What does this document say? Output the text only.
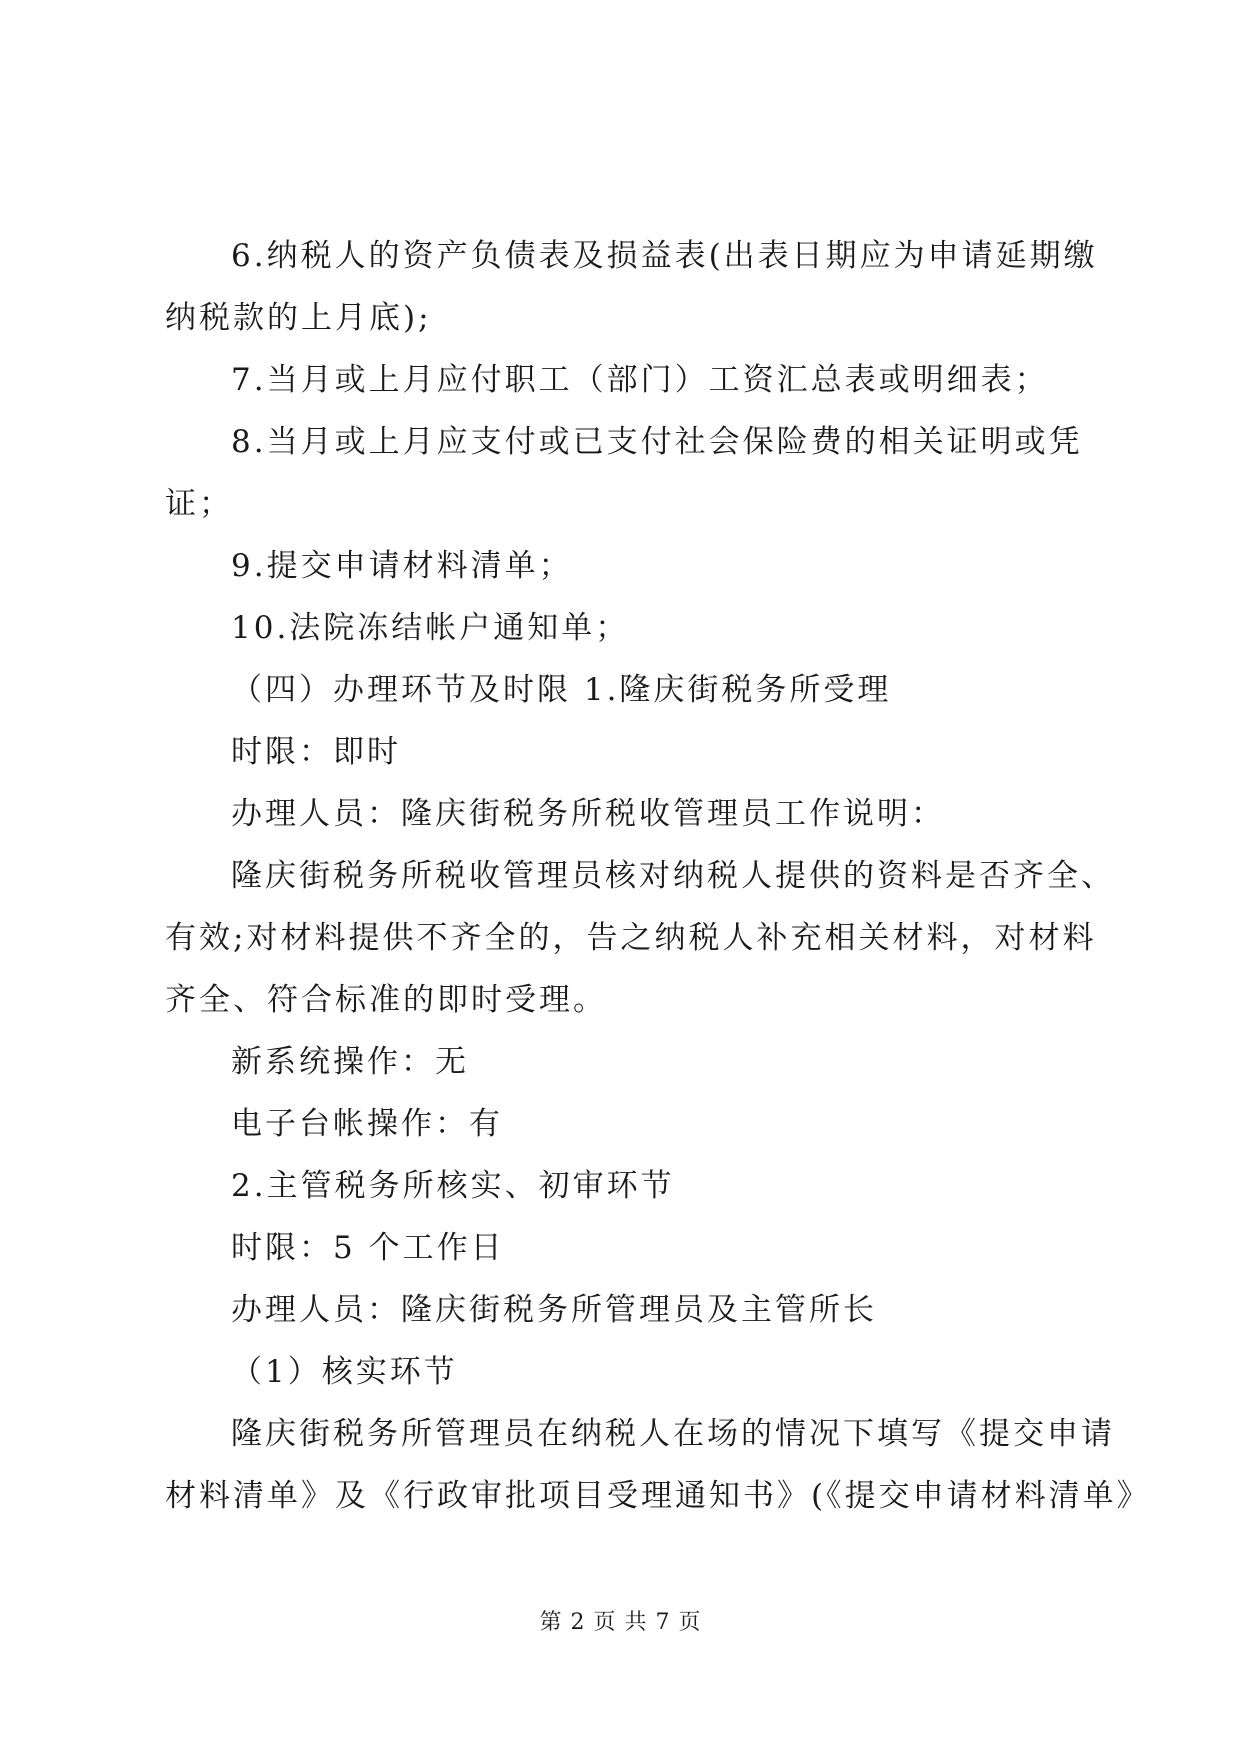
6.纳税人的资产负债表及损益表(出表日期应为申请延期缴
纳税款的上月底);
7.当月或上月应付职工（部门）工资汇总表或明细表；
8.当月或上月应支付或已支付社会保险费的相关证明或凭
证；
9.提交申请材料清单；
10.法院冻结帐户通知单；
（四）办理环节及时限 1.隆庆街税务所受理
时限：即时
办理人员：隆庆街税务所税收管理员工作说明：
隆庆街税务所税收管理员核对纳税人提供的资料是否齐全、
有效;对材料提供不齐全的，告之纳税人补充相关材料，对材料
齐全、符合标准的即时受理。
新系统操作：无
电子台帐操作：有
2.主管税务所核实、初审环节
时限：5 个工作日
办理人员：隆庆街税务所管理员及主管所长
（1）核实环节
隆庆街税务所管理员在纳税人在场的情况下填写《提交申请
材料清单》及《行政审批项目受理通知书》(《提交申请材料清单》
第 2 页 共 7 页
